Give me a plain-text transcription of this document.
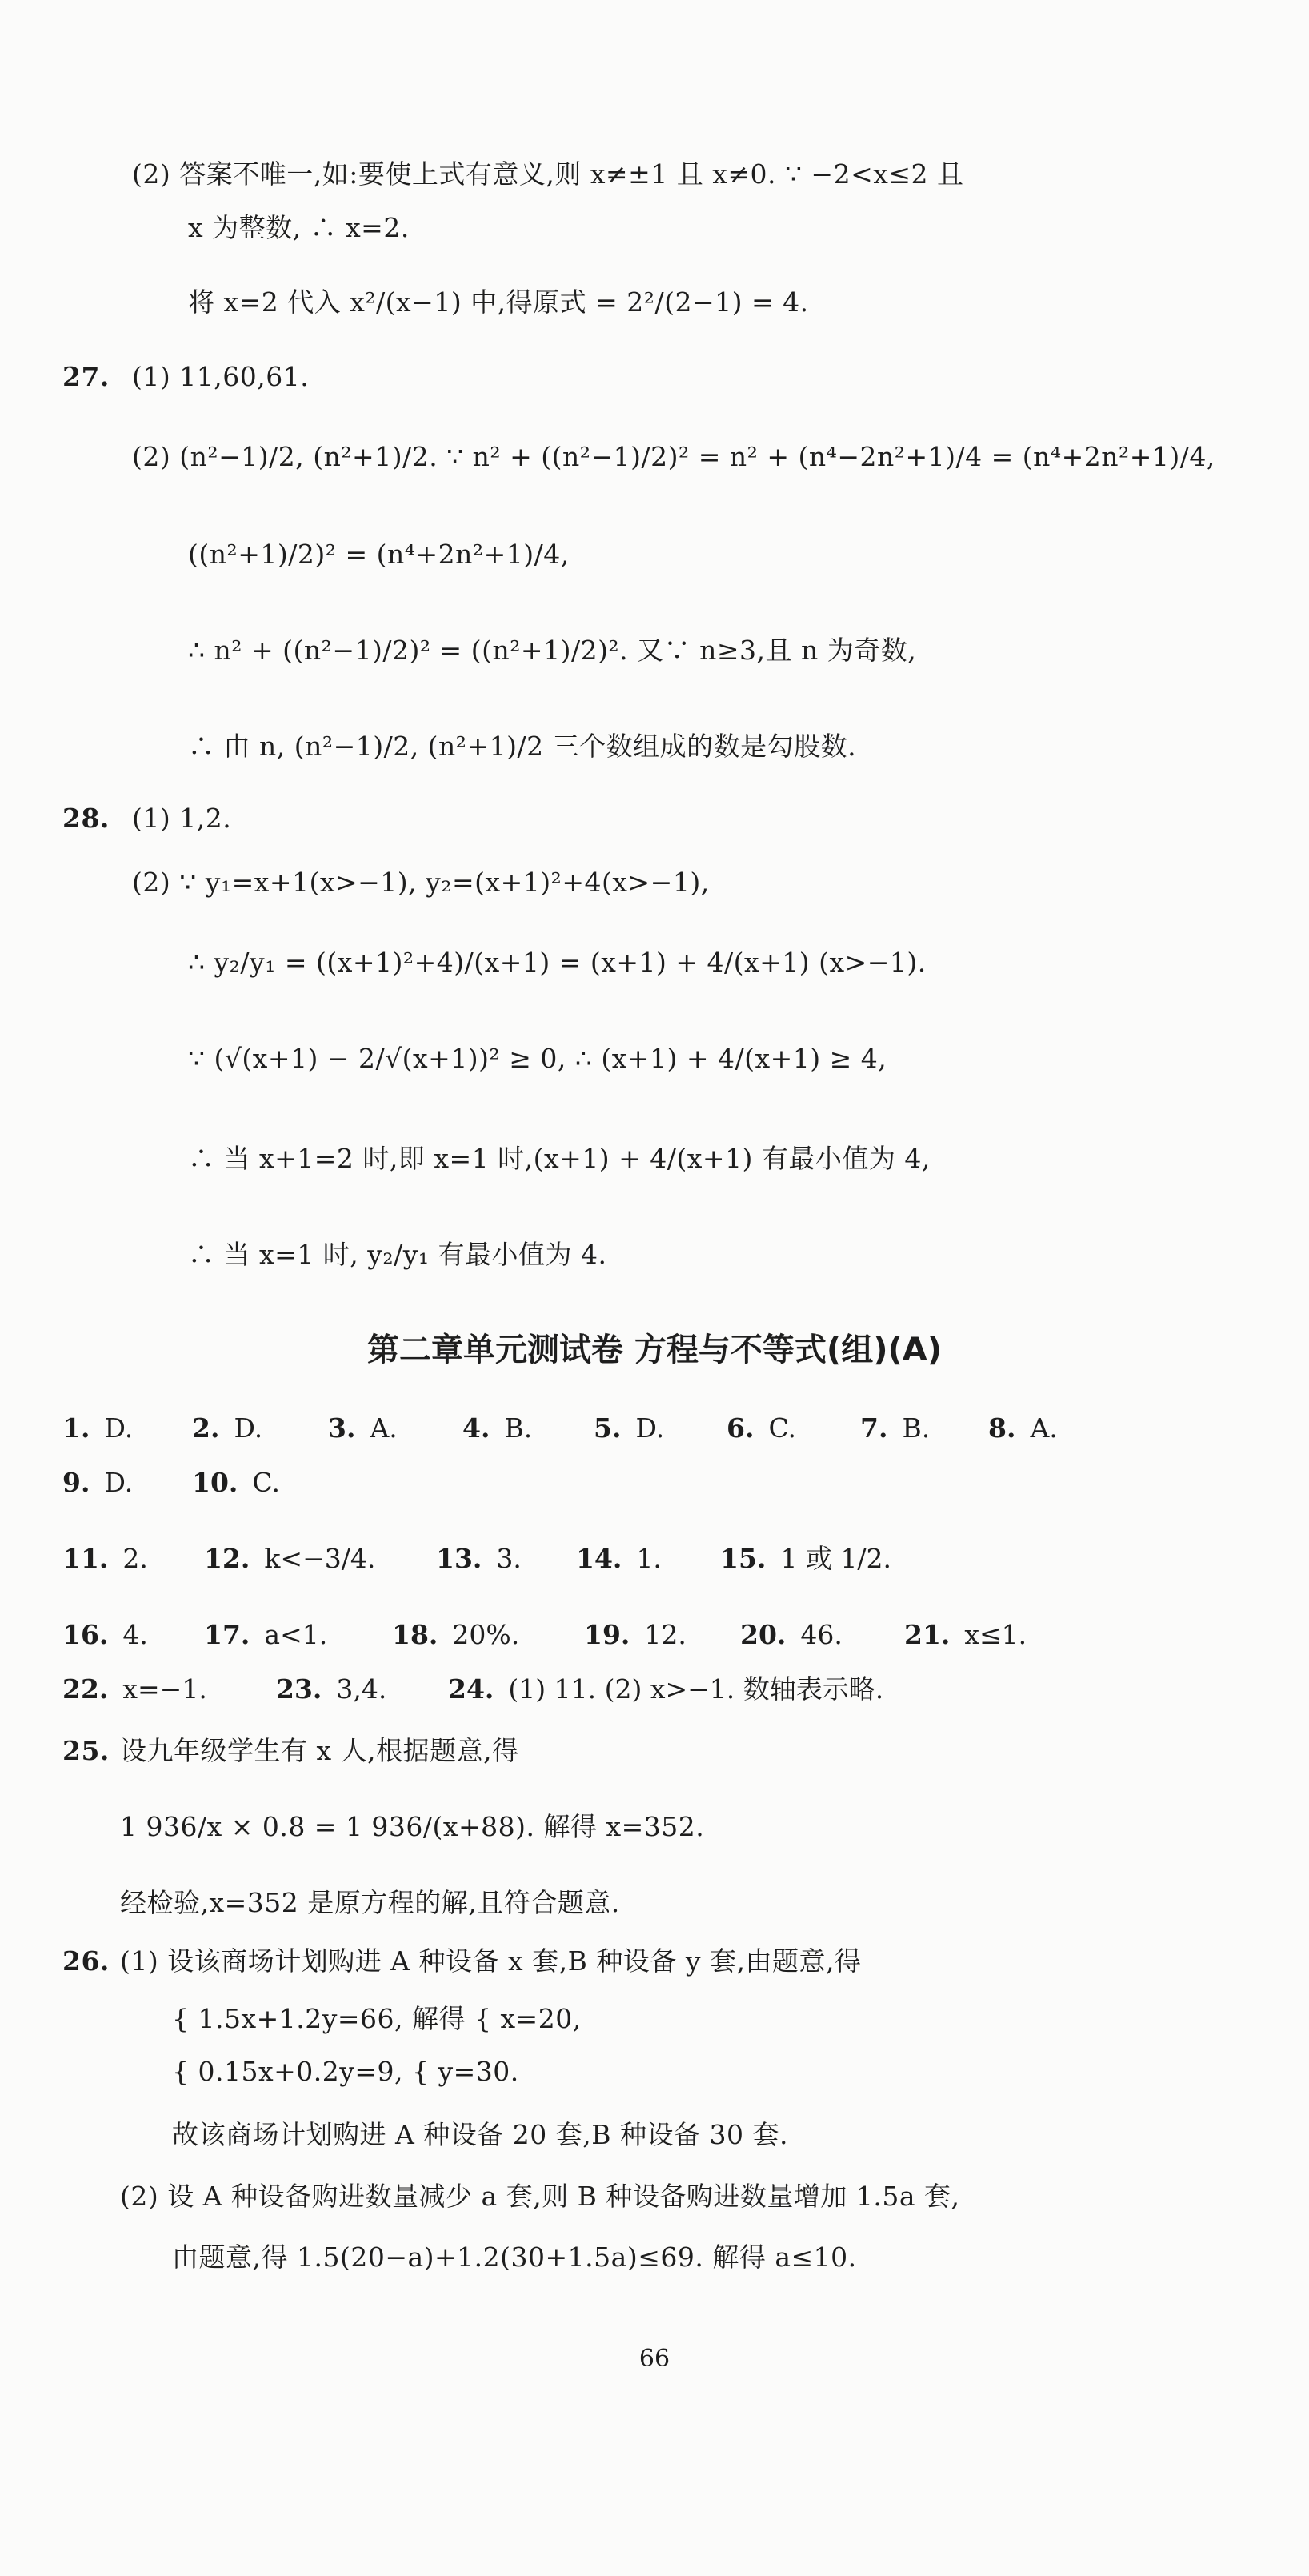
(2) 答案不唯一,如:要使上式有意义,则 x≠±1 且 x≠0. ∵ −2<x≤2 且
x 为整数, ∴ x=2.
将 x=2 代入 x²/(x−1) 中,得原式 = 2²/(2−1) = 4.
27. (1) 11,60,61.
(2) (n²−1)/2, (n²+1)/2. ∵ n² + ((n²−1)/2)² = n² + (n⁴−2n²+1)/4 = (n⁴+2n²+1)/4,
((n²+1)/2)² = (n⁴+2n²+1)/4,
∴ n² + ((n²−1)/2)² = ((n²+1)/2)². 又∵ n≥3,且 n 为奇数,
∴ 由 n, (n²−1)/2, (n²+1)/2 三个数组成的数是勾股数.
28. (1) 1,2.
(2) ∵ y₁=x+1(x>−1), y₂=(x+1)²+4(x>−1),
∴ y₂/y₁ = ((x+1)²+4)/(x+1) = (x+1) + 4/(x+1) (x>−1).
∵ (√(x+1) − 2/√(x+1))² ≥ 0, ∴ (x+1) + 4/(x+1) ≥ 4,
∴ 当 x+1=2 时,即 x=1 时,(x+1) + 4/(x+1) 有最小值为 4,
∴ 当 x=1 时, y₂/y₁ 有最小值为 4.
第二章单元测试卷 方程与不等式(组)(A)
1. D. 2. D. 3. A. 4. B. 5. D. 6. C. 7. B. 8. A.
9. D. 10. C.
11. 2. 12. k<−3/4. 13. 3. 14. 1. 15. 1 或 1/2.
16. 4. 17. a<1. 18. 20%. 19. 12. 20. 46. 21. x≤1.
22. x=−1.	23. 3,4. 24. (1) 11. (2) x>−1. 数轴表示略.
25. 设九年级学生有 x 人,根据题意,得
1 936/x × 0.8 = 1 936/(x+88). 解得 x=352.
经检验,x=352 是原方程的解,且符合题意.
26. (1) 设该商场计划购进 A 种设备 x 套,B 种设备 y 套,由题意,得
{ 1.5x+1.2y=66, 解得 { x=20,
{ 0.15x+0.2y=9, { y=30.
故该商场计划购进 A 种设备 20 套,B 种设备 30 套.
(2) 设 A 种设备购进数量减少 a 套,则 B 种设备购进数量增加 1.5a 套,
由题意,得 1.5(20−a)+1.2(30+1.5a)≤69. 解得 a≤10.
66
